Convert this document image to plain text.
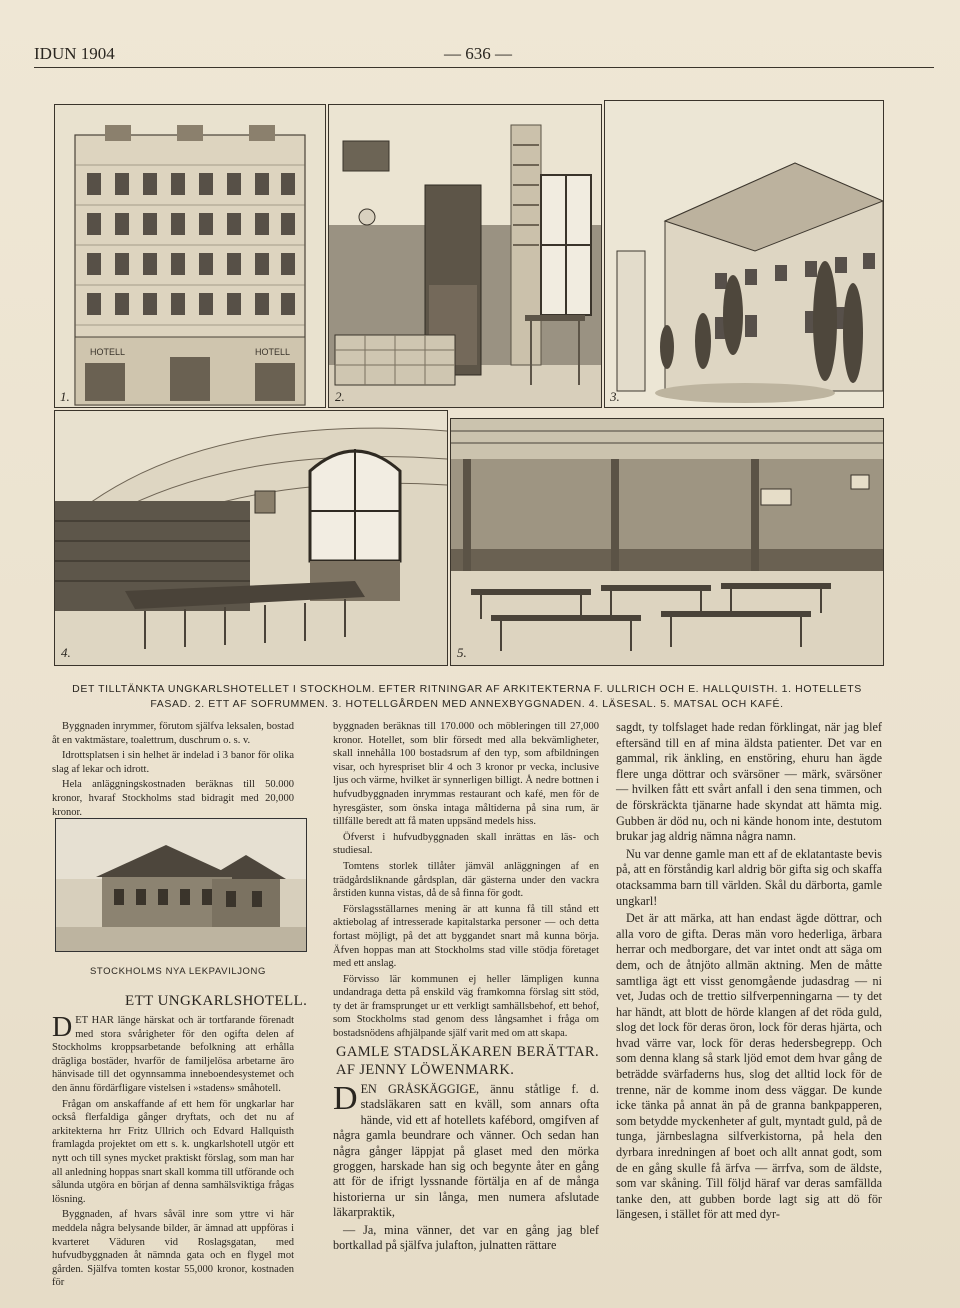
IDUN 1904	— 636 —
HOTELL	HOTELL
1.	2.	3.
4.	5.
DET TILLTÄNKTA UNGKARLSHOTELLET I STOCKHOLM. EFTER RITNINGAR AF ARKITEKTERNA F. ULLRICH OCH E. HALLQUISTH. 1. HOTELLETS
FASAD. 2. ETT AF SOFRUMMEN. 3. HOTELLGÅRDEN MED ANNEXBYGGNADEN. 4. LÄSESAL. 5. MATSAL OCH KAFÉ.

Byggnaden inrymmer, förutom själfva leksalen, bostad åt en vaktmästare, toalettrum, duschrum o. s. v.

Idrottsplatsen i sin helhet är indelad i 3 banor för olika slag af lekar och idrott.

Hela anläggningskostnaden beräknas till 50.000 kronor, hvaraf Stockholms stad bidragit med 20,000 kronor.

STOCKHOLMS NYA LEKPAVILJONG
ETT UNGKARLSHOTELL.

DET HAR länge härskat och är tortfarande förenadt med stora svårigheter för den ogifta delen af Stockholms kroppsarbetande befolkning att erhålla drägliga bostäder, hvarför de familjelösa arbetarne äro hänvisade till det ogynnsamma inneboendesystemet och den ännu fördärfligare vistelsen i »stadens» småhotell.

Frågan om anskaffande af ett hem för ungkarlar har också flerfaldiga gånger dryftats, och det nu af arkitekterna hrr Fritz Ullrich och Edvard Hallquisth framlagda projektet om ett s. k. ungkarlshotell utgör ett nytt och till synes mycket praktiskt förslag, som man har all anledning hoppas snart skall komma till utförande och sålunda utgöra en början af denna samhälsviktiga frågas lösning.

Byggnaden, af hvars såväl inre som yttre vi här meddela några belysande bilder, är ämnad att uppföras i kvarteret Väduren vid Roslagsgatan, med hufvudbyggnaden åt nämnda gata och en flygel mot gården. Själfva tomten kostar 55,000 kronor, kostnaden för

byggnaden beräknas till 170.000 och möbleringen till 27,000 kronor. Hotellet, som blir försedt med alla bekvämligheter, skall innehålla 100 bostadsrum af den typ, som afbildningen visar, och hyrespriset blir 4 och 3 kronor pr vecka, inclusive ljus och värme, hvilket är synnerligen billigt. Å nedre bottnen i hufvudbyggnaden inrymmas restaurant och kafé, men för de hyresgäster, som önska intaga måltiderna på sina rum, är tillfälle beredt att få maten uppsänd medels hiss.

Öfverst i hufvudbyggnaden skall inrättas en läs- och studiesal.

Tomtens storlek tillåter jämväl anläggningen af en trädgårdsliknande gårdsplan, där gästerna under den vackra årstiden kunna vistas, då de så finna för godt.

Förslagsställarnes mening är att kunna få till stånd ett aktiebolag af intresserade kapitalstarka personer — och detta fortast möjligt, på det att byggandet snart må kunna börja. Äfven hoppas man att Stockholms stad ville stödja företaget med ett anslag.

Förvisso lär kommunen ej heller lämpligen kunna undandraga detta på enskild väg framkomna förslag sitt stöd, ty det är framsprunget ur ett verkligt samhällsbehof, ett behof, som Stockholms stad genom dess långsamhet i fråga om bostadsnödens afhjälpande själf varit med om att skapa.

GAMLE STADSLÄKAREN BERÄTTAR.
AF JENNY LÖWENMARK.

DEN GRÅSKÄGGIGE, ännu ståtlige f. d. stadsläkaren satt en kväll, som annars ofta hände, vid ett af hotellets kafébord, omgifven af några gamla beundrare och vänner. Och sedan han några gånger läppjat på glaset med den mörka groggen, harskade han sig och begynte åter en gång att för de ifrigt lyssnande förtälja en af de många historierna ur sin långa, men numera afslutade läkarpraktik,

— Ja, mina vänner, det var en gång jag blef bortkallad på själfva julafton, julnatten rättare

sagdt, ty tolfslaget hade redan förklingat, när jag blef eftersänd till en af mina äldsta patienter. Det var en gammal, rik änkling, en enstöring, ehuru han ägde flere unga döttrar och svärsöner — märk, svärsöner — hvilken fått ett svårt anfall i den sena timmen, och de förskräckta tjänarne hade skyndat att hämta mig. Gubben är död nu, och ni kände honom inte, destutom brukar jag aldrig nämna några namn.

Nu var denne gamle man ett af de eklatantaste bevis på, att en förståndig karl aldrig bör gifta sig och skaffa otacksamma barn till världen. Skål du därborta, gamle ungkarl!

Det är att märka, att han endast ägde döttrar, och alla voro de gifta. Deras män voro hederliga, ärbara herrar och medborgare, det var intet ondt att säga om dem, och de åtnjöto allmän aktning. Men de måtte samtliga ägt ett visst genomgående judasdrag — ni vet, Judas och de trettio silfverpenningarna — ty det har händt, att blott de hörde klangen af det röda guld, slog det lock för deras öron, lock för deras hjärta, och hvad värre var, lock för deras hedersbegrepp. Och som denna klang så stark ljöd emot dem hvar gång de beträdde svärfaderns hus, slog det alltid lock för de trenne, när de komme inom dess väggar. De kunde icke tänka på annat än på de granna bankpapperen, som betydde myckenheter af gult, myntadt guld, på de tunga, järnbeslagna silfverkistorna, på hela den dyrbara inredningen af boet och allt annat godt, som de en gång skulle få ärfva — ärrfva, som de äldste, som var skåning. Till följd häraf var deras samfällda tanke den, att gubben borde lagt sig att dö för längesen, i stället för att med dyr-
